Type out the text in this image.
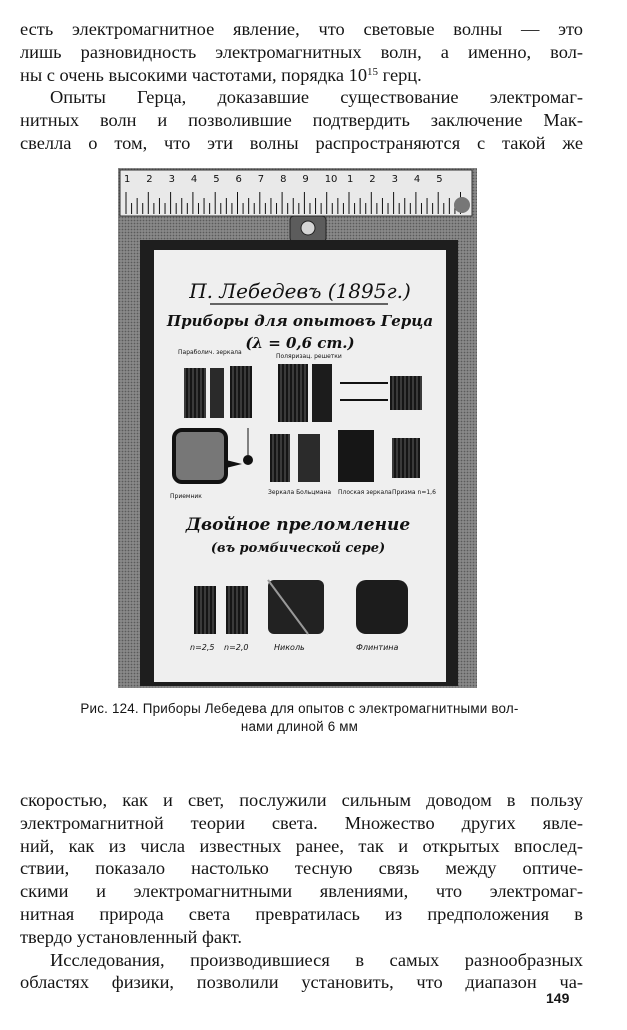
есть электромагнитное явление, что световые волны — это
лишь разновидность электромагнитных волн, а именно, вол-
ны с очень высокими частотами, порядка $10^{15}$ герц.
Опыты Герца, доказавшие существование электромаг-
нитных волн и позволившие подтвердить заключение Мак-
свелла о том, что эти волны распространяются с такой же

1 2 3 4 5 6 7 8 9 10 1 2 3 4 5
П. Лебедевъ (1895г.)
Приборы для опытовъ Герца
(λ = 0,6 cm.)
Параболич. зеркала
Поляризац. решетки
Приемник
Зеркала Больцмана Плоская зеркала Призма n=1,6
Двойное преломление
(въ ромбической сере)
n=2,5 n=2,0	Николь	Флинтина
Рис. 124. Приборы Лебедева для опытов с электромагнитными вол-
нами длиной 6 мм

скоростью, как и свет, послужили сильным доводом в пользу
электромагнитной теории света. Множество других явле-
ний, как из числа известных ранее, так и открытых впослед-
ствии, показало настолько тесную связь между оптиче-
скими и электромагнитными явлениями, что электромаг-
нитная природа света превратилась из предположения в
твердо установленный факт.
Исследования, производившиеся в самых разнообразных
областях физики, позволили установить, что диапазон ча-

149
